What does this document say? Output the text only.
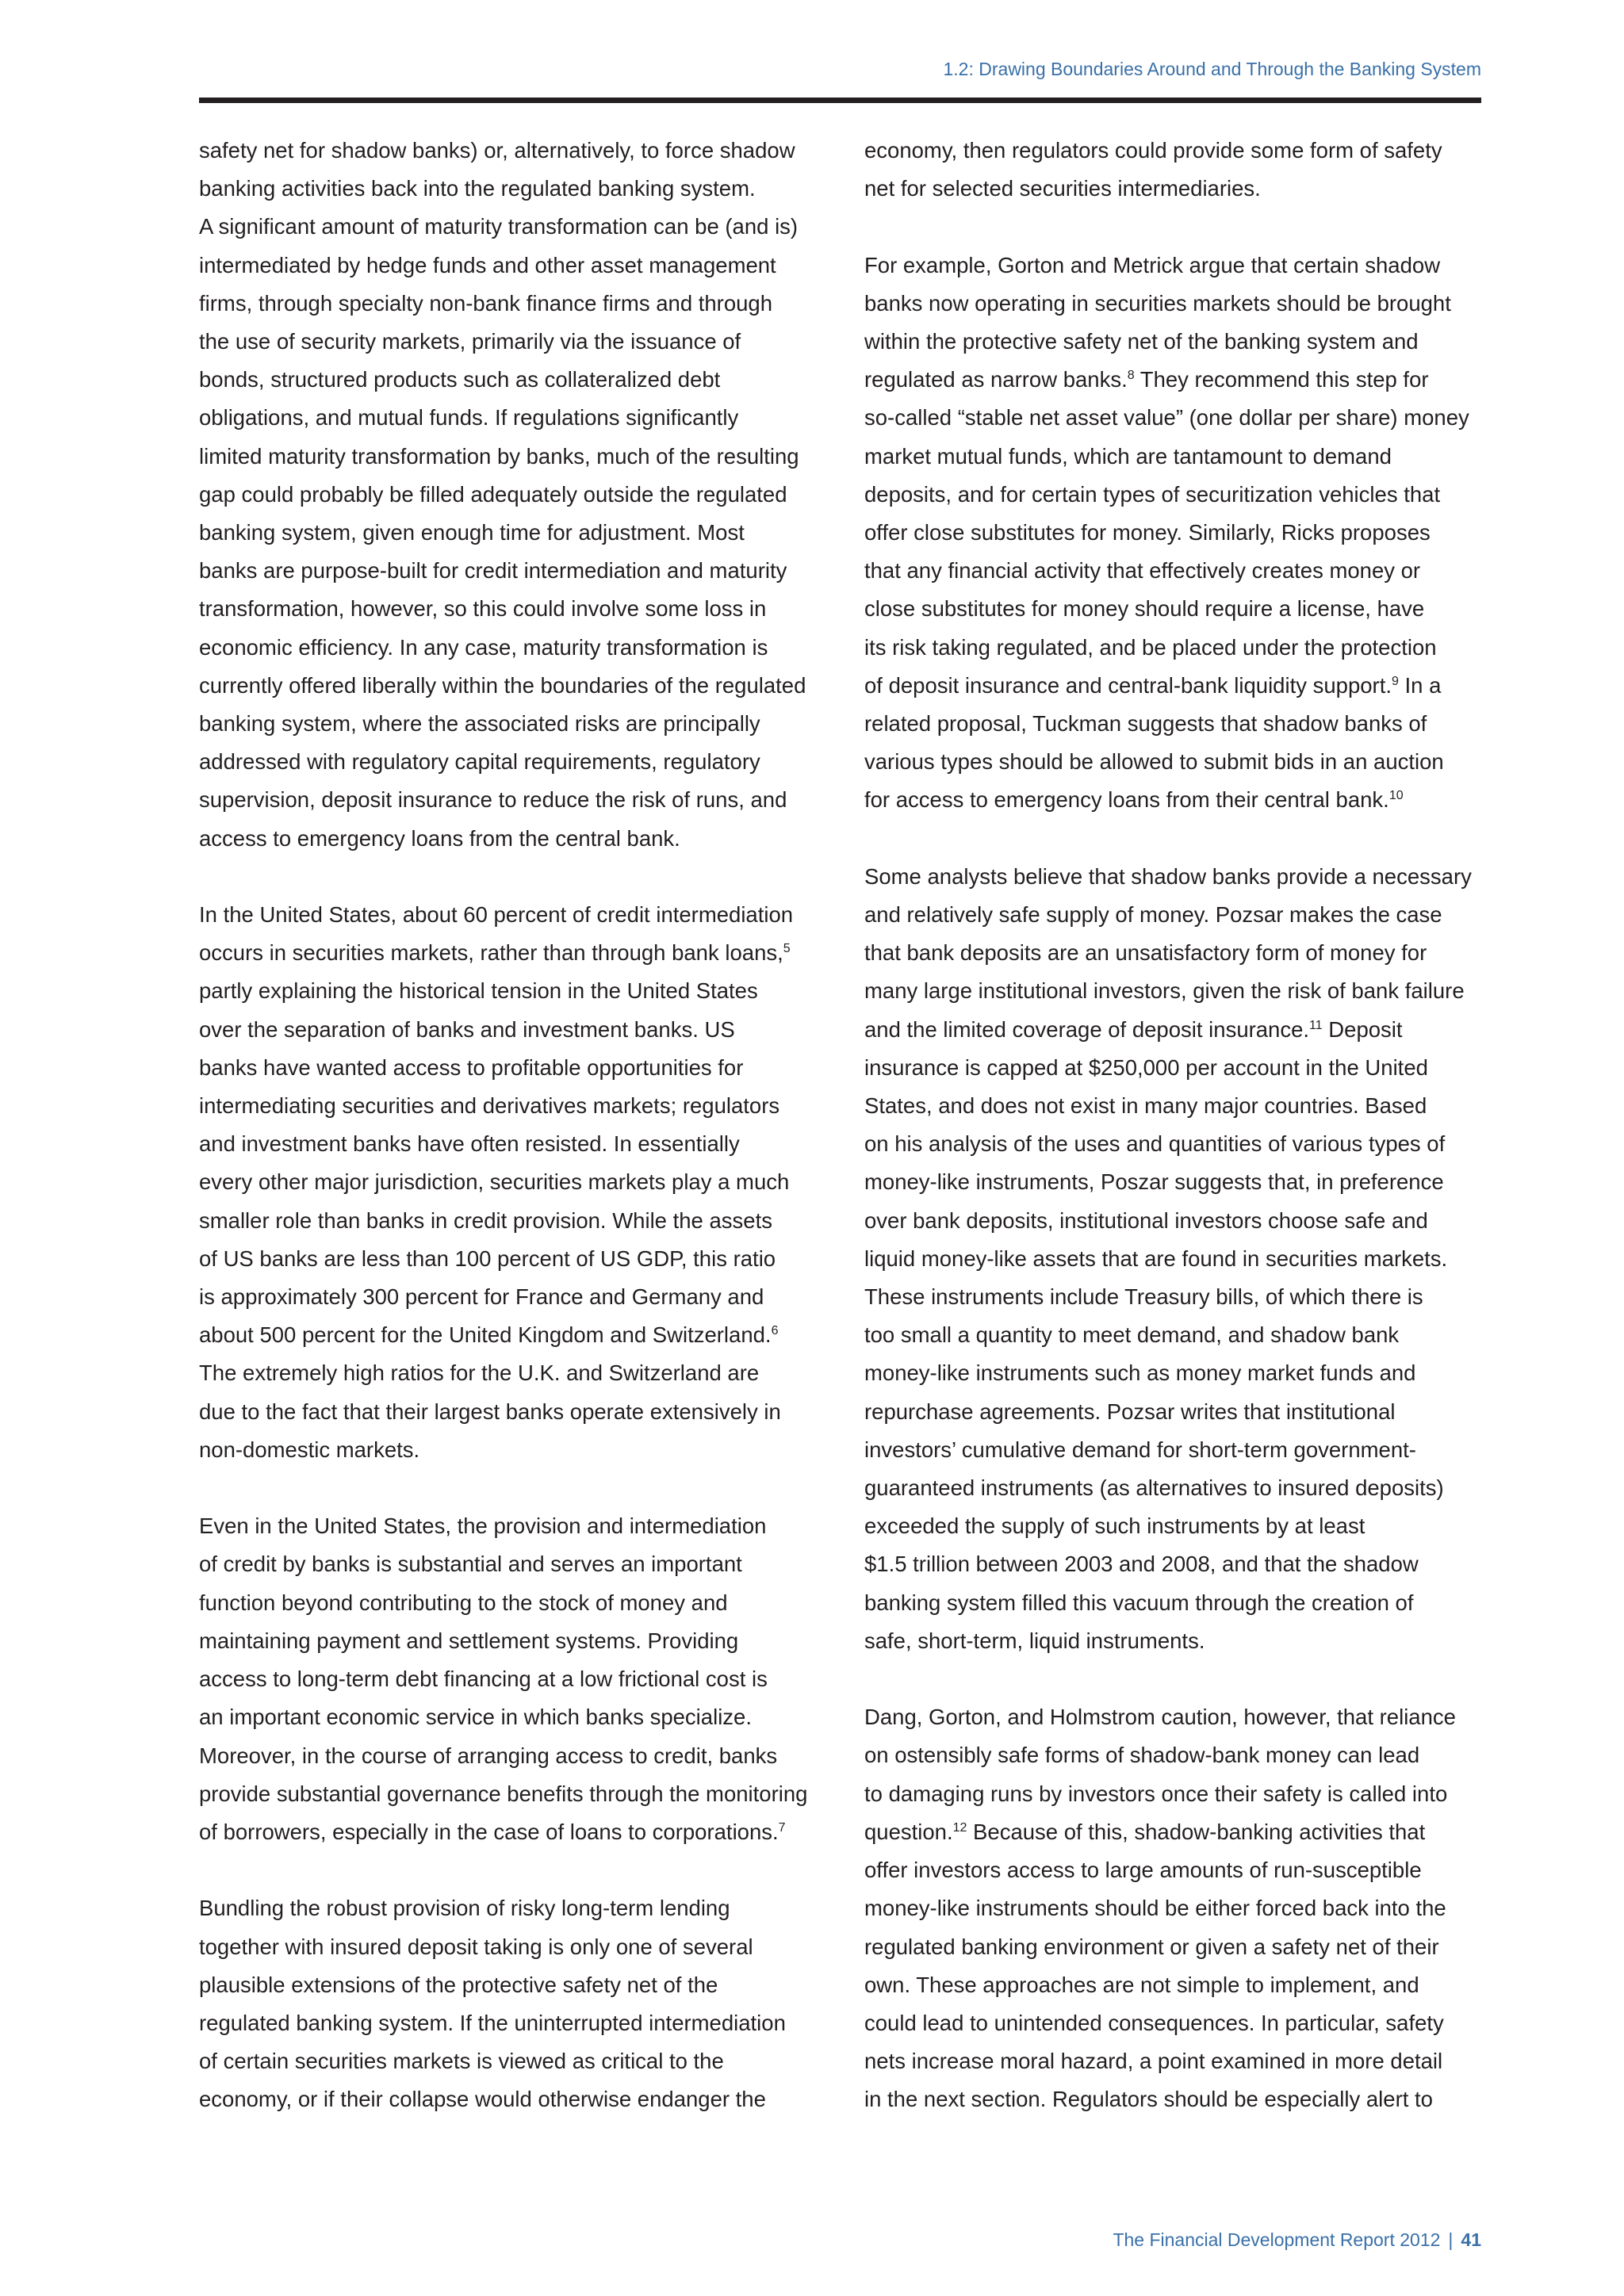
1.2: Drawing Boundaries Around and Through the Banking System

safety net for shadow banks) or, alternatively, to force shadow
banking activities back into the regulated banking system.
A significant amount of maturity transformation can be (and is)
intermediated by hedge funds and other asset management
firms, through specialty non-bank finance firms and through
the use of security markets, primarily via the issuance of
bonds, structured products such as collateralized debt
obligations, and mutual funds. If regulations significantly
limited maturity transformation by banks, much of the resulting
gap could probably be filled adequately outside the regulated
banking system, given enough time for adjustment. Most
banks are purpose-built for credit intermediation and maturity
transformation, however, so this could involve some loss in
economic efficiency. In any case, maturity transformation is
currently offered liberally within the boundaries of the regulated
banking system, where the associated risks are principally
addressed with regulatory capital requirements, regulatory
supervision, deposit insurance to reduce the risk of runs, and
access to emergency loans from the central bank.

In the United States, about 60 percent of credit intermediation
occurs in securities markets, rather than through bank loans,$^5$
partly explaining the historical tension in the United States
over the separation of banks and investment banks. US
banks have wanted access to profitable opportunities for
intermediating securities and derivatives markets; regulators
and investment banks have often resisted. In essentially
every other major jurisdiction, securities markets play a much
smaller role than banks in credit provision. While the assets
of US banks are less than 100 percent of US GDP, this ratio
is approximately 300 percent for France and Germany and
about 500 percent for the United Kingdom and Switzerland.$^6$
The extremely high ratios for the U.K. and Switzerland are
due to the fact that their largest banks operate extensively in
non-domestic markets.

Even in the United States, the provision and intermediation
of credit by banks is substantial and serves an important
function beyond contributing to the stock of money and
maintaining payment and settlement systems. Providing
access to long-term debt financing at a low frictional cost is
an important economic service in which banks specialize.
Moreover, in the course of arranging access to credit, banks
provide substantial governance benefits through the monitoring
of borrowers, especially in the case of loans to corporations.$^7$

Bundling the robust provision of risky long-term lending
together with insured deposit taking is only one of several
plausible extensions of the protective safety net of the
regulated banking system. If the uninterrupted intermediation
of certain securities markets is viewed as critical to the
economy, or if their collapse would otherwise endanger the

economy, then regulators could provide some form of safety
net for selected securities intermediaries.

For example, Gorton and Metrick argue that certain shadow
banks now operating in securities markets should be brought
within the protective safety net of the banking system and
regulated as narrow banks.$^8$ They recommend this step for
so-called “stable net asset value” (one dollar per share) money
market mutual funds, which are tantamount to demand
deposits, and for certain types of securitization vehicles that
offer close substitutes for money. Similarly, Ricks proposes
that any financial activity that effectively creates money or
close substitutes for money should require a license, have
its risk taking regulated, and be placed under the protection
of deposit insurance and central-bank liquidity support.$^9$ In a
related proposal, Tuckman suggests that shadow banks of
various types should be allowed to submit bids in an auction
for access to emergency loans from their central bank.$^{10}$

Some analysts believe that shadow banks provide a necessary
and relatively safe supply of money. Pozsar makes the case
that bank deposits are an unsatisfactory form of money for
many large institutional investors, given the risk of bank failure
and the limited coverage of deposit insurance.$^{11}$ Deposit
insurance is capped at $250,000 per account in the United
States, and does not exist in many major countries. Based
on his analysis of the uses and quantities of various types of
money-like instruments, Poszar suggests that, in preference
over bank deposits, institutional investors choose safe and
liquid money-like assets that are found in securities markets.
These instruments include Treasury bills, of which there is
too small a quantity to meet demand, and shadow bank
money-like instruments such as money market funds and
repurchase agreements. Pozsar writes that institutional
investors’ cumulative demand for short-term government-
guaranteed instruments (as alternatives to insured deposits)
exceeded the supply of such instruments by at least
$1.5 trillion between 2003 and 2008, and that the shadow
banking system filled this vacuum through the creation of
safe, short-term, liquid instruments.

Dang, Gorton, and Holmstrom caution, however, that reliance
on ostensibly safe forms of shadow-bank money can lead
to damaging runs by investors once their safety is called into
question.$^{12}$ Because of this, shadow-banking activities that
offer investors access to large amounts of run-susceptible
money-like instruments should be either forced back into the
regulated banking environment or given a safety net of their
own. These approaches are not simple to implement, and
could lead to unintended consequences. In particular, safety
nets increase moral hazard, a point examined in more detail
in the next section. Regulators should be especially alert to

The Financial Development Report 2012 | 41
